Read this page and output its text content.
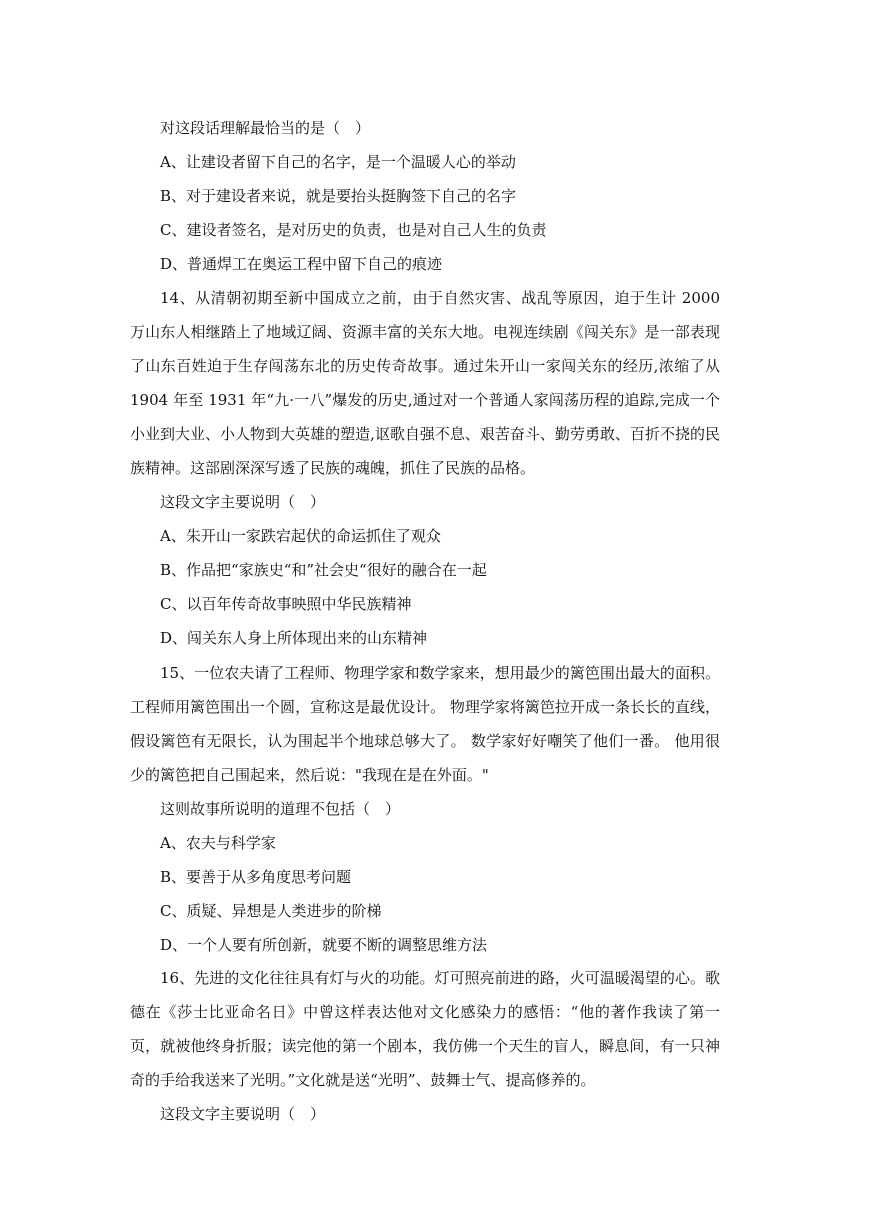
对这段话理解最恰当的是（　）
A、让建设者留下自己的名字，是一个温暖人心的举动
B、对于建设者来说，就是要抬头挺胸签下自己的名字
C、建设者签名，是对历史的负责，也是对自己人生的负责
D、普通焊工在奥运工程中留下自己的痕迹

14、从清朝初期至新中国成立之前，由于自然灾害、战乱等原因，迫于生计 2000 万山东人相继踏上了地域辽阔、资源丰富的关东大地。电视连续剧《闯关东》是一部表现了山东百姓迫于生存闯荡东北的历史传奇故事。通过朱开山一家闯关东的经历,浓缩了从 1904 年至 1931 年“九·一八”爆发的历史,通过对一个普通人家闯荡历程的追踪,完成一个小业到大业、小人物到大英雄的塑造,讴歌自强不息、艰苦奋斗、勤劳勇敢、百折不挠的民族精神。这部剧深深写透了民族的魂魄，抓住了民族的品格。

这段文字主要说明（　）
A、朱开山一家跌宕起伏的命运抓住了观众
B、作品把“家族史“和”社会史“很好的融合在一起
C、以百年传奇故事映照中华民族精神
D、闯关东人身上所体现出来的山东精神

15、一位农夫请了工程师、物理学家和数学家来，想用最少的篱笆围出最大的面积。 工程师用篱笆围出一个圆，宣称这是最优设计。 物理学家将篱笆拉开成一条长长的直线，假设篱笆有无限长，认为围起半个地球总够大了。 数学家好好嘲笑了他们一番。 他用很少的篱笆把自己围起来，然后说："我现在是在外面。"

这则故事所说明的道理不包括（　）
A、农夫与科学家
B、要善于从多角度思考问题
C、质疑、异想是人类进步的阶梯
D、一个人要有所创新，就要不断的调整思维方法

16、先进的文化往往具有灯与火的功能。灯可照亮前进的路，火可温暖渴望的心。歌德在《莎士比亚命名日》中曾这样表达他对文化感染力的感悟：“他的著作我读了第一页，就被他终身折服；读完他的第一个剧本，我仿佛一个天生的盲人，瞬息间，有一只神奇的手给我送来了光明。”文化就是送“光明”、鼓舞士气、提高修养的。

这段文字主要说明（　）
